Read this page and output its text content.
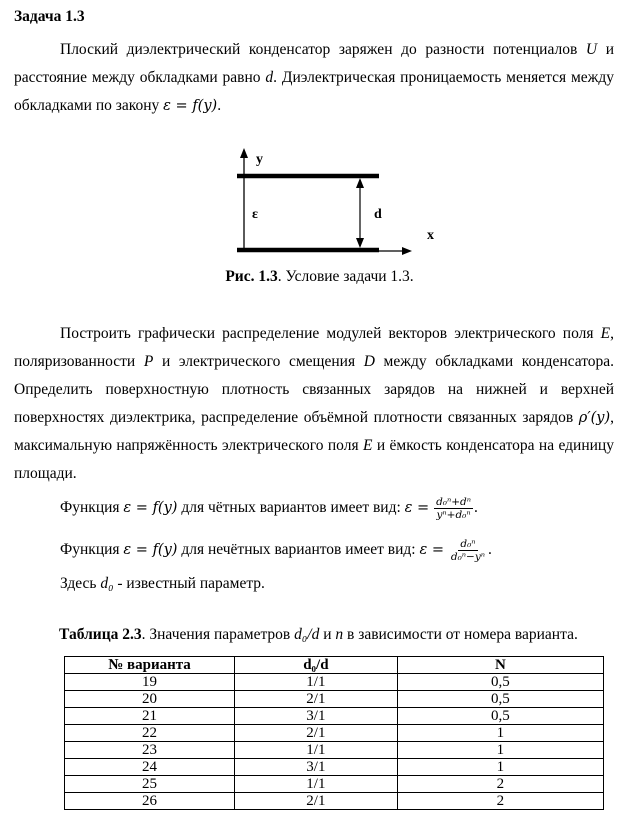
Задача 1.3
Плоский диэлектрический конденсатор заряжен до разности потенциалов U и расстояние между обкладками равно d. Диэлектрическая проницаемость меняется между обкладками по закону ε = f(y).
y
x
ε	d
Рис. 1.3. Условие задачи 1.3.
Построить графически распределение модулей векторов электрического поля E, поляризованности P и электрического смещения D между обкладками конденсатора. Определить поверхностную плотность связанных зарядов на нижней и верхней поверхностях диэлектрика, распределение объёмной плотности связанных зарядов ρ′(y), максимальную напряжённость электрического поля E и ёмкость конденсатора на единицу площади.
Функция ε = f(y) для чётных вариантов имеет вид: $\varepsilon = \frac{\text{d₀ⁿ+dⁿ}}{\text{yⁿ+d₀ⁿ}}$ .
Функция ε = f(y) для нечётных вариантов имеет вид: $\varepsilon = \frac{\text{d₀ⁿ}}{\text{d₀ⁿ−yⁿ}}$ .
Здесь d₀ - известный параметр.
Таблица 2.3. Значения параметров d₀/d и n в зависимости от номера варианта.
№ варианта	d₀/d	N
19	1/1	0,5
20	2/1	0,5
21	3/1	0,5
22	2/1	1
23	1/1	1
24	3/1	1
25	1/1	2
26	2/1	2
